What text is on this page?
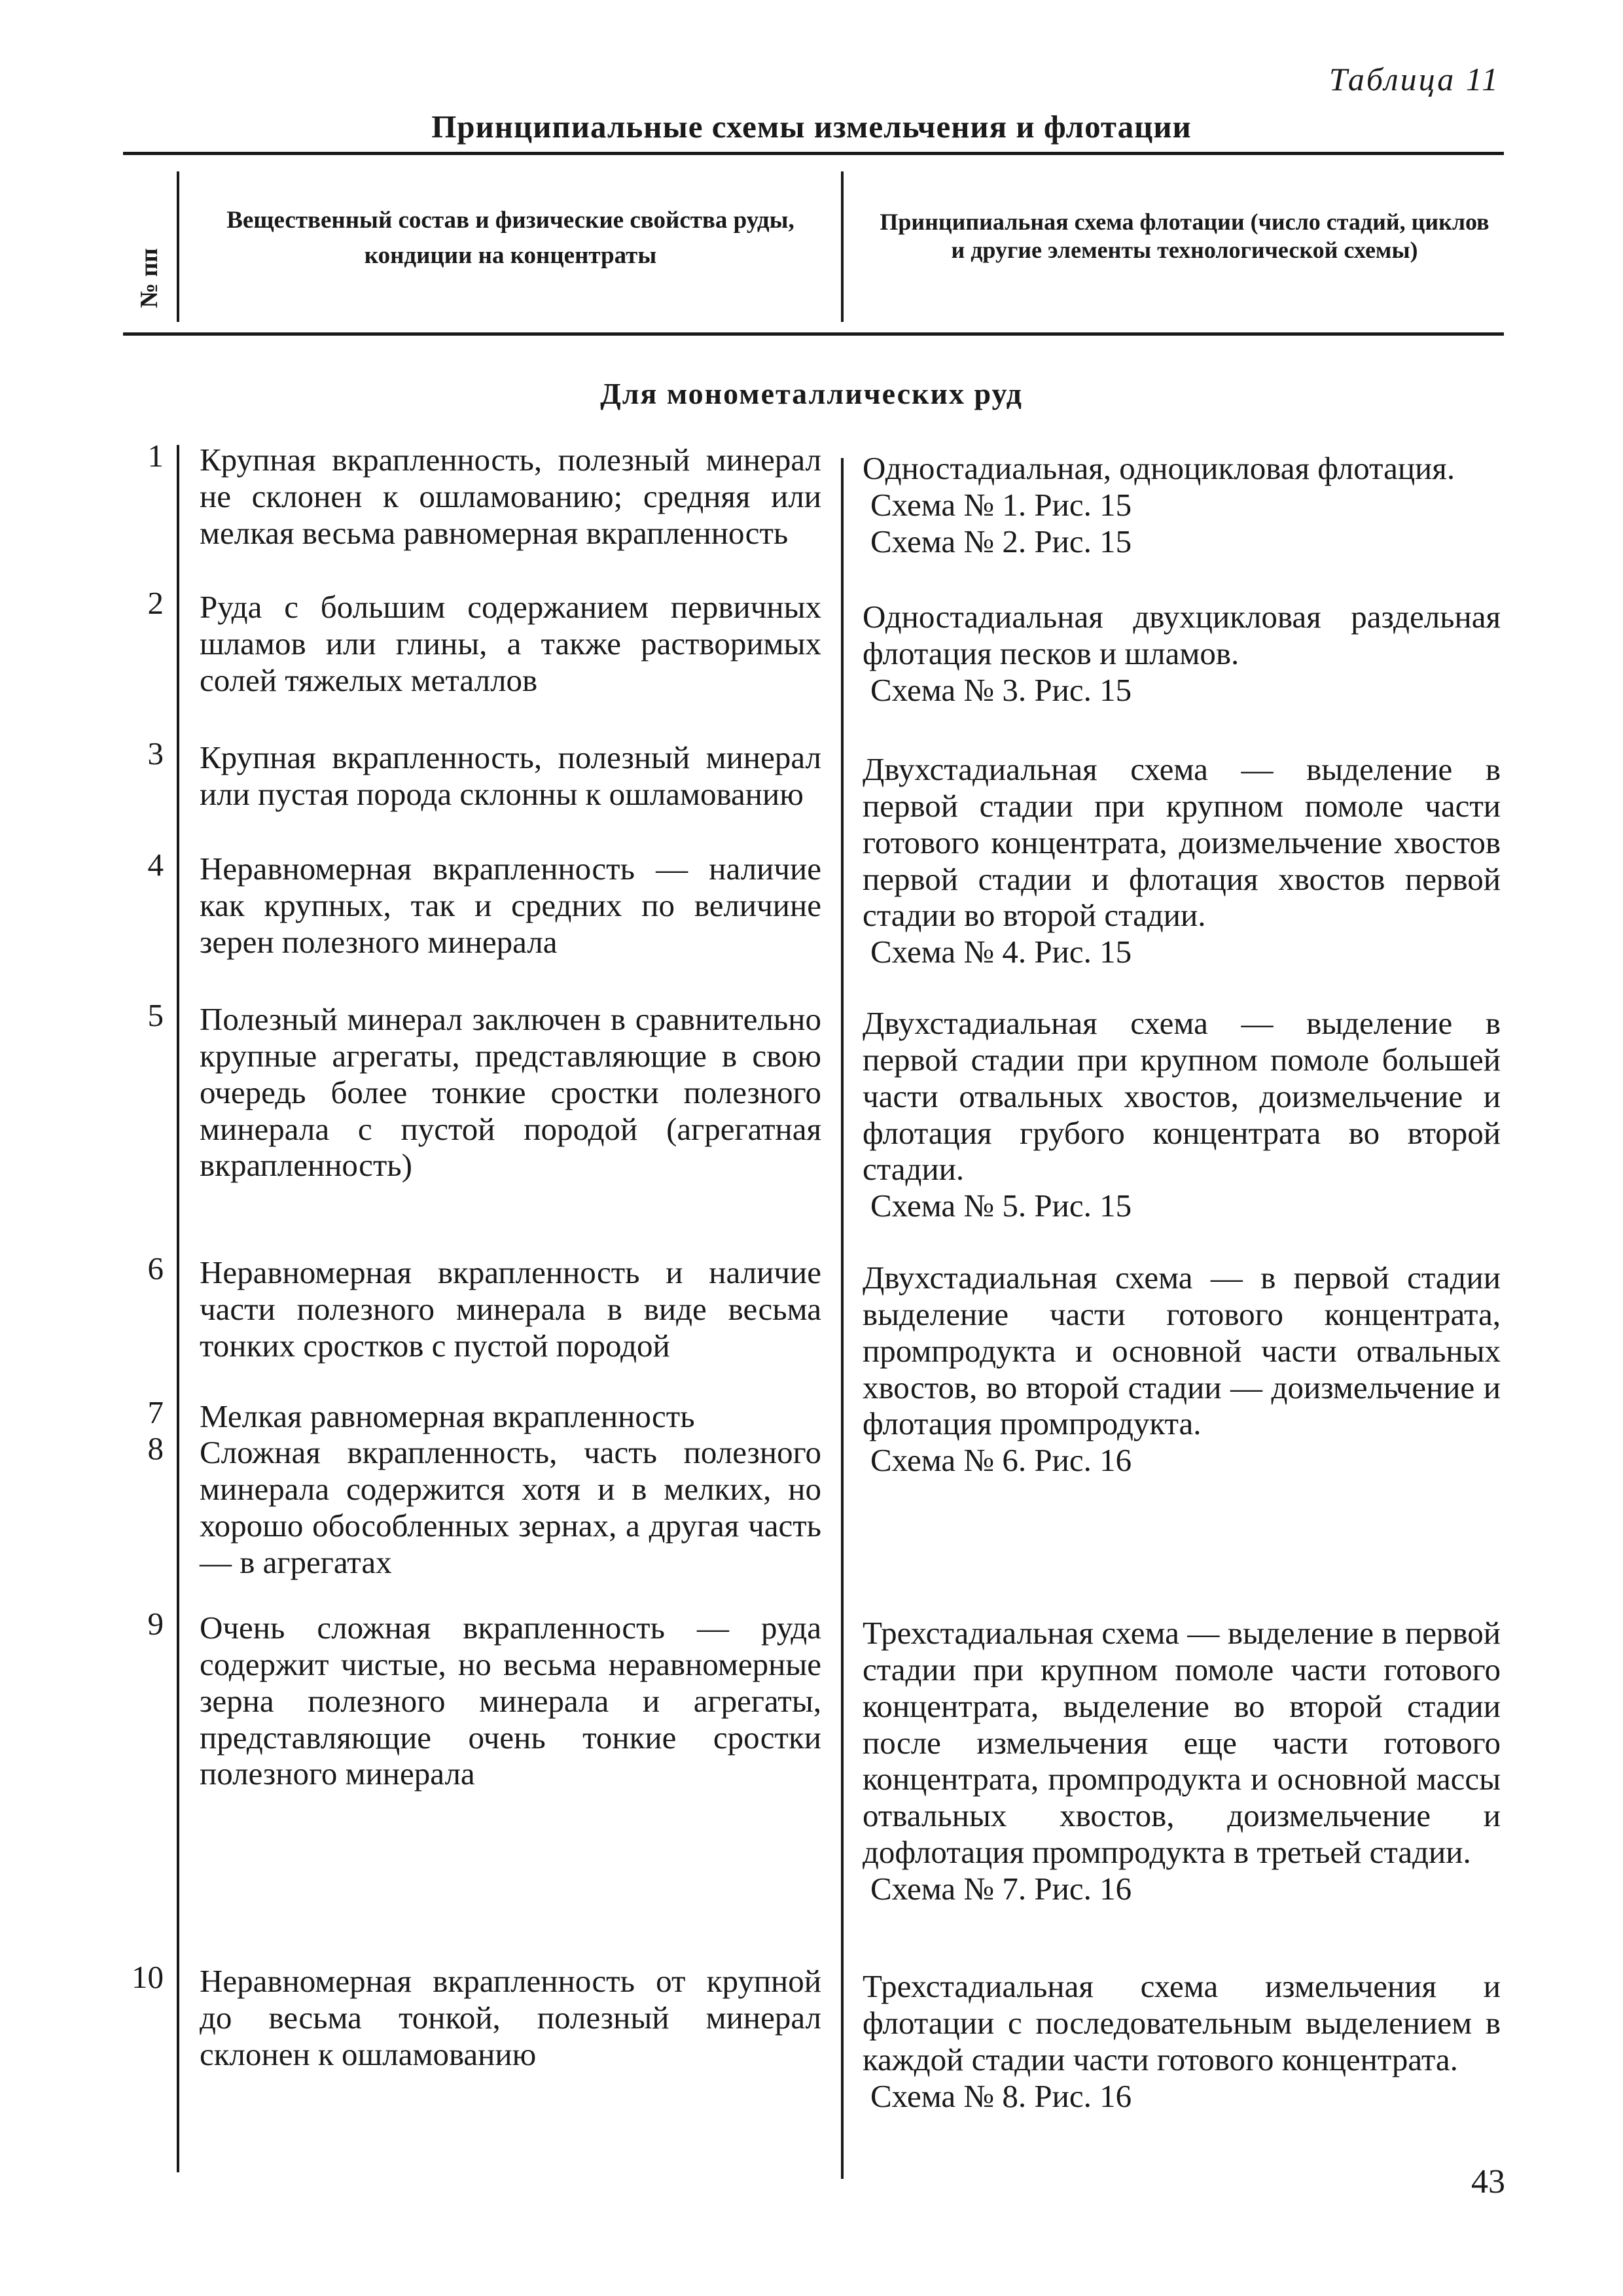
Таблица 11
Принципиальные схемы измельчения и флотации
№ пп
Вещественный состав и физические свойства руды, кондиции на концентраты
Принципиальная схема флотации (число стадий, циклов и другие элементы технологической схемы)
Для монометаллических руд
1
2
3
4
5
6
7
8
9
10
Крупная вкрапленность, полезный минерал не склонен к ошламованию; средняя или мелкая весьма равномерная вкрапленность
Руда с большим содержанием первичных шламов или глины, а также растворимых солей тяжелых металлов
Крупная вкрапленность, полезный минерал или пустая порода склонны к ошламованию
Неравномерная вкрапленность — наличие как крупных, так и средних по величине зерен полезного минерала
Полезный минерал заключен в сравнительно крупные агрегаты, представляющие в свою очередь более тонкие сростки полезного минерала с пустой породой (агрегатная вкрапленность)
Неравномерная вкрапленность и наличие части полезного минерала в виде весьма тонких сростков с пустой породой
Мелкая равномерная вкрапленность
Сложная вкрапленность, часть полезного минерала содержится хотя и в мелких, но хорошо обособленных зернах, а другая часть — в агрегатах
Очень сложная вкрапленность — руда содержит чистые, но весьма неравномерные зерна полезного минерала и агрегаты, представляющие очень тонкие сростки полезного минерала
Неравномерная вкрапленность от крупной до весьма тонкой, полезный минерал склонен к ошламованию
Одностадиальная, одноцикловая флотация.
Схема № 1. Рис. 15
Схема № 2. Рис. 15
Одностадиальная двухцикловая раздельная флотация песков и шламов.
Схема № 3. Рис. 15
Двухстадиальная схема — выделение в первой стадии при крупном помоле части готового концентрата, доизмельчение хвостов первой стадии и флотация хвостов первой стадии во второй стадии.
Схема № 4. Рис. 15
Двухстадиальная схема — выделение в первой стадии при крупном помоле большей части отвальных хвостов, доизмельчение и флотация грубого концентрата во второй стадии.
Схема № 5. Рис. 15
Двухстадиальная схема — в первой стадии выделение части готового концентрата, промпродукта и основной части отвальных хвостов, во второй стадии — доизмельчение и флотация промпродукта.
Схема № 6. Рис. 16
Трехстадиальная схема — выделение в первой стадии при крупном помоле части готового концентрата, выделение во второй стадии после измельчения еще части готового концентрата, промпродукта и основной массы отвальных хвостов, доизмельчение и дофлотация промпродукта в третьей стадии.
Схема № 7. Рис. 16
Трехстадиальная схема измельчения и флотации с последовательным выделением в каждой стадии части готового концентрата.
Схема № 8. Рис. 16
43
